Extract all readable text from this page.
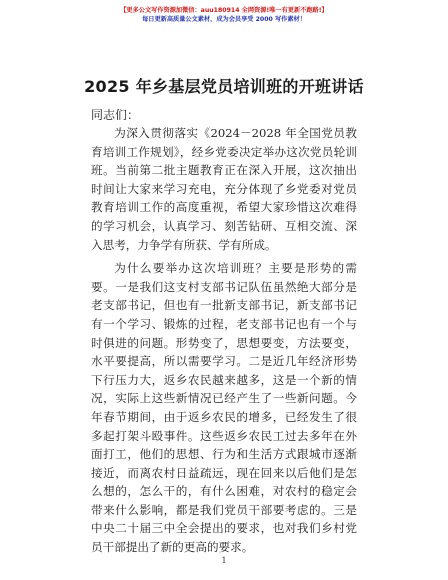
【更多公文写作资源加微信：auu180914 全网资源!唯一有更新不跑路!】
每日更新高质量公文素材，成为会员享受 2000 写作素材！
2025 年乡基层党员培训班的开班讲话
同志们：

为深入贯彻落实《2024－2028 年全国党员教育培训工作规划》，经乡党委决定举办这次党员轮训班。当前第二批主题教育正在深入开展，这次抽出时间让大家来学习充电，充分体现了乡党委对党员教育培训工作的高度重视，希望大家珍惜这次难得的学习机会，认真学习、刻苦钻研、互相交流、深入思考，力争学有所获、学有所成。

为什么要举办这次培训班？主要是形势的需要。一是我们这支村支部书记队伍虽然绝大部分是老支部书记，但也有一批新支部书记，新支部书记有一个学习、锻炼的过程，老支部书记也有一个与时俱进的问题。形势变了，思想要变，方法要变，水平要提高，所以需要学习。二是近几年经济形势下行压力大，返乡农民越来越多，这是一个新的情况，实际上这些新情况已经产生了一些新问题。今年春节期间，由于返乡农民的增多，已经发生了很多起打架斗殴事件。这些返乡农民工过去多年在外面打工，他们的思想、行为和生活方式跟城市逐渐接近，而离农村日益疏远，现在回来以后他们是怎么想的，怎么干的，有什么困难，对农村的稳定会带来什么影响，都是我们党员干部要考虑的。三是中央二十届三中全会提出的要求，也对我们乡村党员干部提出了新的更高的要求。

1
